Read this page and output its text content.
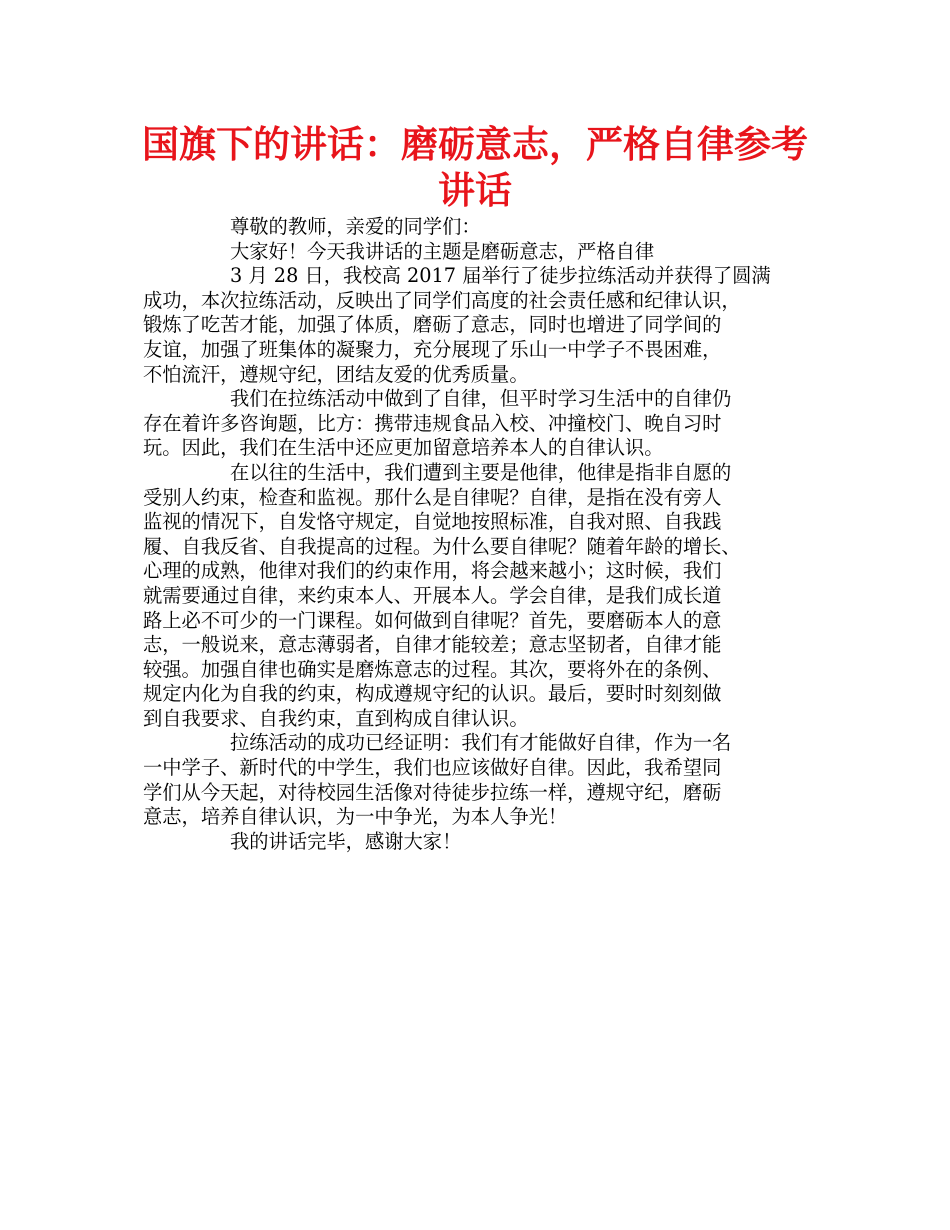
国旗下的讲话：磨砺意志，严格自律参考
讲话
尊敬的教师，亲爱的同学们：
大家好！今天我讲话的主题是磨砺意志，严格自律
3 月 28 日，我校高 2017 届举行了徒步拉练活动并获得了圆满
成功，本次拉练活动，反映出了同学们高度的社会责任感和纪律认识，
锻炼了吃苦才能，加强了体质，磨砺了意志，同时也增进了同学间的
友谊，加强了班集体的凝聚力，充分展现了乐山一中学子不畏困难，
不怕流汗，遵规守纪，团结友爱的优秀质量。
我们在拉练活动中做到了自律，但平时学习生活中的自律仍
存在着许多咨询题，比方：携带违规食品入校、冲撞校门、晚自习时
玩。因此，我们在生活中还应更加留意培养本人的自律认识。
在以往的生活中，我们遭到主要是他律，他律是指非自愿的
受别人约束，检查和监视。那什么是自律呢？自律，是指在没有旁人
监视的情况下，自发恪守规定，自觉地按照标准，自我对照、自我践
履、自我反省、自我提高的过程。为什么要自律呢？随着年龄的增长、
心理的成熟，他律对我们的约束作用，将会越来越小；这时候，我们
就需要通过自律，来约束本人、开展本人。学会自律，是我们成长道
路上必不可少的一门课程。如何做到自律呢？首先，要磨砺本人的意
志，一般说来，意志薄弱者，自律才能较差；意志坚韧者，自律才能
较强。加强自律也确实是磨炼意志的过程。其次，要将外在的条例、
规定内化为自我的约束，构成遵规守纪的认识。最后，要时时刻刻做
到自我要求、自我约束，直到构成自律认识。
拉练活动的成功已经证明：我们有才能做好自律，作为一名
一中学子、新时代的中学生，我们也应该做好自律。因此，我希望同
学们从今天起，对待校园生活像对待徒步拉练一样，遵规守纪，磨砺
意志，培养自律认识，为一中争光，为本人争光！
我的讲话完毕，感谢大家！
